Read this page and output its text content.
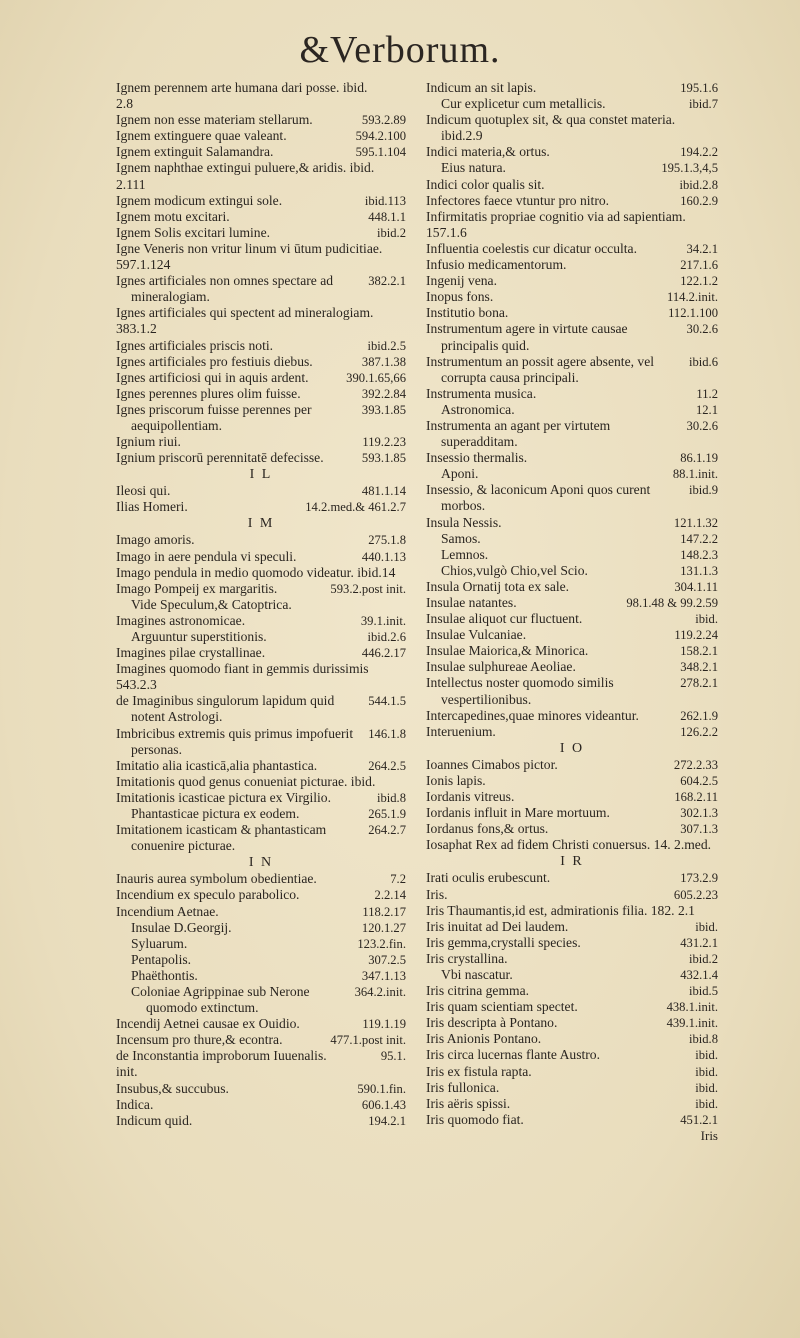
&Verborum.
Ignem perennem arte humana dari posse. ibid.
2.8
593.2.89
Ignem non esse materiam stellarum.
594.2.100
Ignem extinguere quae valeant.
595.1.104
Ignem extinguit Salamandra.
Ignem naphthae extingui puluere,& aridis. ibid.
2.111
ibid.113
Ignem modicum extingui sole.
448.1.1
Ignem motu excitari.
ibid.2
Ignem Solis excitari lumine.
Igne Veneris non vritur linum vi ūtum pudicitiae.
597.1.124
382.2.1
Ignes artificiales non omnes spectare ad mineralogiam.
Ignes artificiales qui spectent ad mineralogiam.
383.1.2
ibid.2.5
Ignes artificiales priscis noti.
387.1.38
Ignes artificiales pro festiuis diebus.
390.1.65,66
Ignes artificiosi qui in aquis ardent.
392.2.84
Ignes perennes plures olim fuisse.
393.1.85
Ignes priscorum fuisse perennes per aequipollentiam.
119.2.23
Ignium riui.
593.1.85
Ignium priscorū perennitatē defecisse.
I L
481.1.14
Ileosi qui.
14.2.med.& 461.2.7
Ilias Homeri.
I M
275.1.8
Imago amoris.
440.1.13
Imago in aere pendula vi speculi.
Imago pendula in medio quomodo videatur. ibid.14
593.2.post init.
Imago Pompeij ex margaritis.
Vide Speculum,& Catoptrica.
39.1.init.
Imagines astronomicae.
ibid.2.6
Arguuntur superstitionis.
446.2.17
Imagines pilae crystallinae.
Imagines quomodo fiant in gemmis durissimis
543.2.3
544.1.5
de Imaginibus singulorum lapidum quid notent Astrologi.
146.1.8
Imbricibus extremis quis primus impofuerit personas.
264.2.5
Imitatio alia icasticā,alia phantastica.
Imitationis quod genus conueniat picturae. ibid.
ibid.8
Imitationis icasticae pictura ex Virgilio.
265.1.9
Phantasticae pictura ex eodem.
264.2.7
Imitationem icasticam & phantasticam conuenire picturae.
I N
7.2
Inauris aurea symbolum obedientiae.
2.2.14
Incendium ex speculo parabolico.
118.2.17
Incendium Aetnae.
120.1.27
Insulae D.Georgij.
123.2.fin.
Syluarum.
307.2.5
Pentapolis.
347.1.13
Phaëthontis.
364.2.init.
Coloniae Agrippinae sub Nerone quomodo extinctum.
119.1.19
Incendij Aetnei causae ex Ouidio.
477.1.post init.
Incensum pro thure,& econtra.
95.1.
de Inconstantia improborum Iuuenalis.
init.
590.1.fin.
Insubus,& succubus.
606.1.43
Indica.
194.2.1
Indicum quid.
195.1.6
Indicum an sit lapis.
ibid.7
Cur explicetur cum metallicis.
Indicum quotuplex sit, & qua constet materia. ibid.2.9
194.2.2
Indici materia,& ortus.
195.1.3,4,5
Eius natura.
ibid.2.8
Indici color qualis sit.
160.2.9
Infectores faece vtuntur pro nitro.
Infirmitatis propriae cognitio via ad sapientiam.
157.1.6
34.2.1
Influentia coelestis cur dicatur occulta.
217.1.6
Infusio medicamentorum.
122.1.2
Ingenij vena.
114.2.init.
Inopus fons.
112.1.100
Institutio bona.
30.2.6
Instrumentum agere in virtute causae principalis quid.
ibid.6
Instrumentum an possit agere absente, vel corrupta causa principali.
11.2
Instrumenta musica.
12.1
Astronomica.
30.2.6
Instrumenta an agant per virtutem superadditam.
86.1.19
Insessio thermalis.
88.1.init.
Aponi.
ibid.9
Insessio, & laconicum Aponi quos curent morbos.
121.1.32
Insula Nessis.
147.2.2
Samos.
148.2.3
Lemnos.
131.1.3
Chios,vulgò Chio,vel Scio.
304.1.11
Insula Ornatij tota ex sale.
98.1.48 & 99.2.59
Insulae natantes.
ibid.
Insulae aliquot cur fluctuent.
119.2.24
Insulae Vulcaniae.
158.2.1
Insulae Maiorica,& Minorica.
348.2.1
Insulae sulphureae Aeoliae.
278.2.1
Intellectus noster quomodo similis vespertilionibus.
262.1.9
Intercapedines,quae minores videantur.
126.2.2
Interuenium.
I O
272.2.33
Ioannes Cimabos pictor.
604.2.5
Ionis lapis.
168.2.11
Iordanis vitreus.
302.1.3
Iordanis influit in Mare mortuum.
307.1.3
Iordanus fons,& ortus.
Iosaphat Rex ad fidem Christi conuersus. 14. 2.med.
I R
173.2.9
Irati oculis erubescunt.
605.2.23
Iris.
Iris Thaumantis,id est, admirationis filia. 182. 2.1
ibid.
Iris inuitat ad Dei laudem.
431.2.1
Iris gemma,crystalli species.
ibid.2
Iris crystallina.
432.1.4
Vbi nascatur.
ibid.5
Iris citrina gemma.
438.1.init.
Iris quam scientiam spectet.
439.1.init.
Iris descripta à Pontano.
ibid.8
Iris Anionis Pontano.
ibid.
Iris circa lucernas flante Austro.
ibid.
Iris ex fistula rapta.
ibid.
Iris fullonica.
ibid.
Iris aëris spissi.
451.2.1
Iris quomodo fiat.
Iris
